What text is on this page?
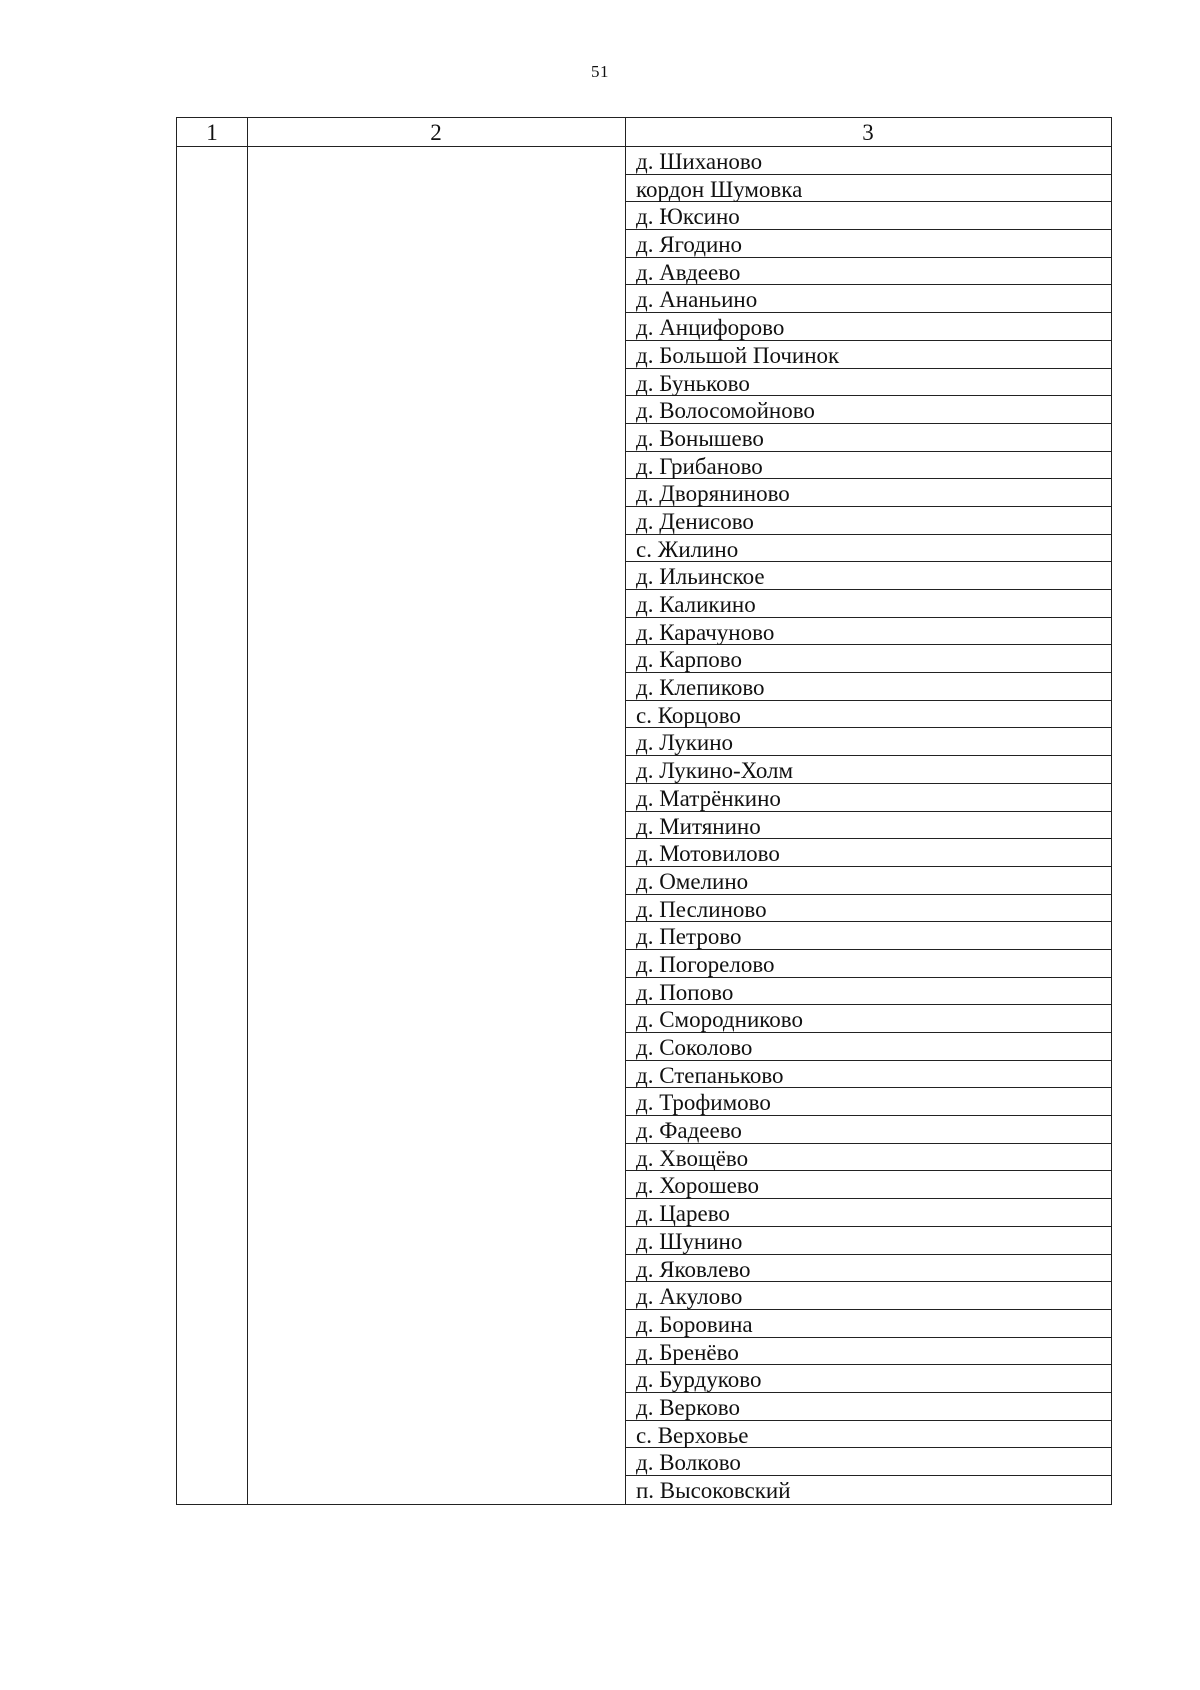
51
1	2	3
д. Шиханово
кордон Шумовка
д. Юксино
д. Ягодино
д. Авдеево
д. Ананьино
д. Анцифорово
д. Большой Починок
д. Буньково
д. Волосомойново
д. Вонышево
д. Грибаново
д. Дворяниново
д. Денисово
с. Жилино
д. Ильинское
д. Каликино
д. Карачуново
д. Карпово
д. Клепиково
с. Корцово
д. Лукино
д. Лукино-Холм
д. Матрёнкино
д. Митянино
д. Мотовилово
д. Омелино
д. Песлиново
д. Петрово
д. Погорелово
д. Попово
д. Смородниково
д. Соколово
д. Степаньково
д. Трофимово
д. Фадеево
д. Хвощёво
д. Хорошево
д. Царево
д. Шунино
д. Яковлево
д. Акулово
д. Боровина
д. Бренёво
д. Бурдуково
д. Верково
с. Верховье
д. Волково
п. Высоковский
